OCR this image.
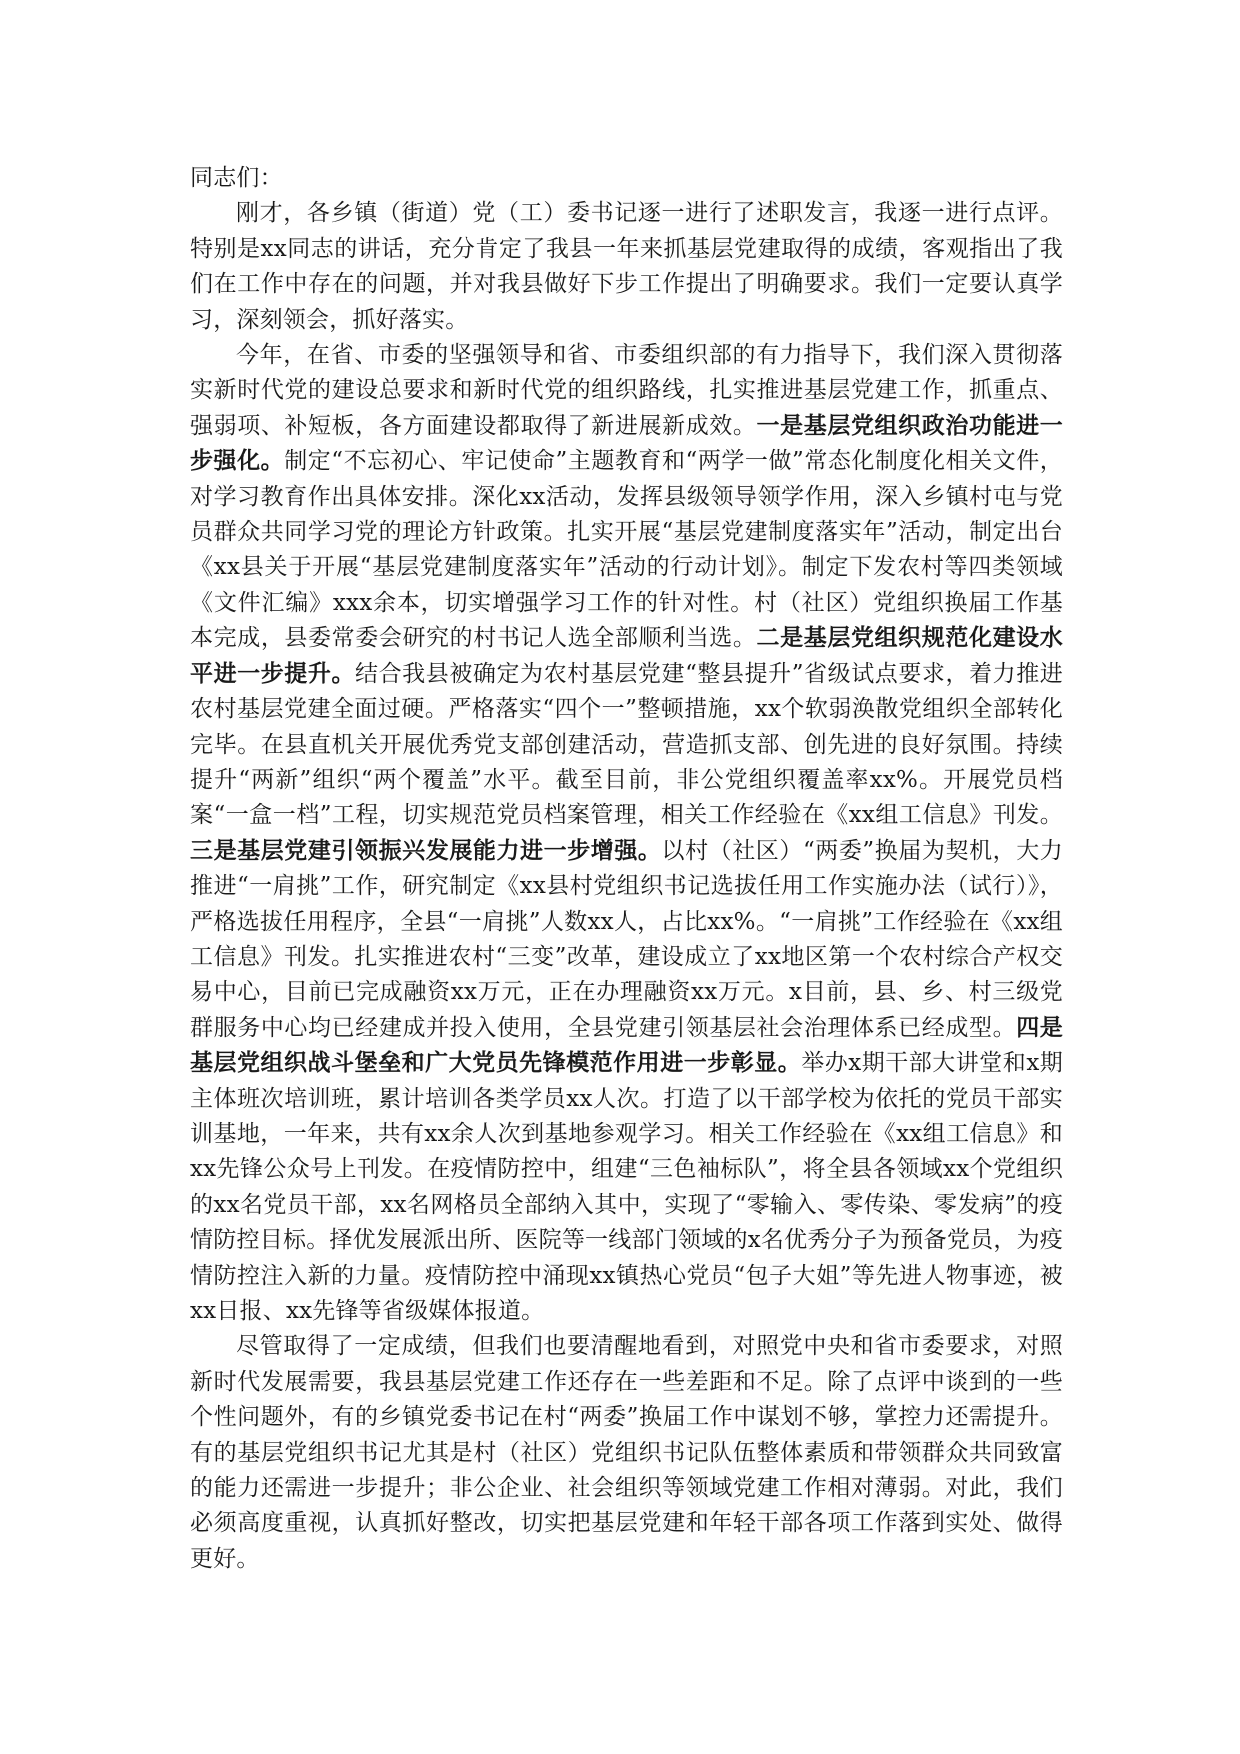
同志们：

刚才，各乡镇（街道）党（工）委书记逐一进行了述职发言，我逐一进行点评。特别是xx同志的讲话，充分肯定了我县一年来抓基层党建取得的成绩，客观指出了我们在工作中存在的问题，并对我县做好下步工作提出了明确要求。我们一定要认真学习，深刻领会，抓好落实。

今年，在省、市委的坚强领导和省、市委组织部的有力指导下，我们深入贯彻落实新时代党的建设总要求和新时代党的组织路线，扎实推进基层党建工作，抓重点、强弱项、补短板，各方面建设都取得了新进展新成效。一是基层党组织政治功能进一步强化。制定“不忘初心、牢记使命”主题教育和“两学一做”常态化制度化相关文件，对学习教育作出具体安排。深化xx活动，发挥县级领导领学作用，深入乡镇村屯与党员群众共同学习党的理论方针政策。扎实开展“基层党建制度落实年”活动，制定出台《xx县关于开展“基层党建制度落实年”活动的行动计划》。制定下发农村等四类领域《文件汇编》xxx余本，切实增强学习工作的针对性。村（社区）党组织换届工作基本完成，县委常委会研究的村书记人选全部顺利当选。二是基层党组织规范化建设水平进一步提升。结合我县被确定为农村基层党建“整县提升”省级试点要求，着力推进农村基层党建全面过硬。严格落实“四个一”整顿措施，xx个软弱涣散党组织全部转化完毕。在县直机关开展优秀党支部创建活动，营造抓支部、创先进的良好氛围。持续提升“两新”组织“两个覆盖”水平。截至目前，非公党组织覆盖率xx%。开展党员档案“一盒一档”工程，切实规范党员档案管理，相关工作经验在《xx组工信息》刊发。三是基层党建引领振兴发展能力进一步增强。以村（社区）“两委”换届为契机，大力推进“一肩挑”工作，研究制定《xx县村党组织书记选拔任用工作实施办法（试行）》，严格选拔任用程序，全县“一肩挑”人数xx人，占比xx%。“一肩挑”工作经验在《xx组工信息》刊发。扎实推进农村“三变”改革，建设成立了xx地区第一个农村综合产权交易中心，目前已完成融资xx万元，正在办理融资xx万元。x目前，县、乡、村三级党群服务中心均已经建成并投入使用，全县党建引领基层社会治理体系已经成型。四是基层党组织战斗堡垒和广大党员先锋模范作用进一步彰显。举办x期干部大讲堂和x期主体班次培训班，累计培训各类学员xx人次。打造了以干部学校为依托的党员干部实训基地，一年来，共有xx余人次到基地参观学习。相关工作经验在《xx组工信息》和xx先锋公众号上刊发。在疫情防控中，组建“三色袖标队”，将全县各领域xx个党组织的xx名党员干部，xx名网格员全部纳入其中，实现了“零输入、零传染、零发病”的疫情防控目标。择优发展派出所、医院等一线部门领域的x名优秀分子为预备党员，为疫情防控注入新的力量。疫情防控中涌现xx镇热心党员“包子大姐”等先进人物事迹，被xx日报、xx先锋等省级媒体报道。

尽管取得了一定成绩，但我们也要清醒地看到，对照党中央和省市委要求，对照新时代发展需要，我县基层党建工作还存在一些差距和不足。除了点评中谈到的一些个性问题外，有的乡镇党委书记在村“两委”换届工作中谋划不够，掌控力还需提升。有的基层党组织书记尤其是村（社区）党组织书记队伍整体素质和带领群众共同致富的能力还需进一步提升；非公企业、社会组织等领域党建工作相对薄弱。对此，我们必须高度重视，认真抓好整改，切实把基层党建和年轻干部各项工作落到实处、做得更好。
